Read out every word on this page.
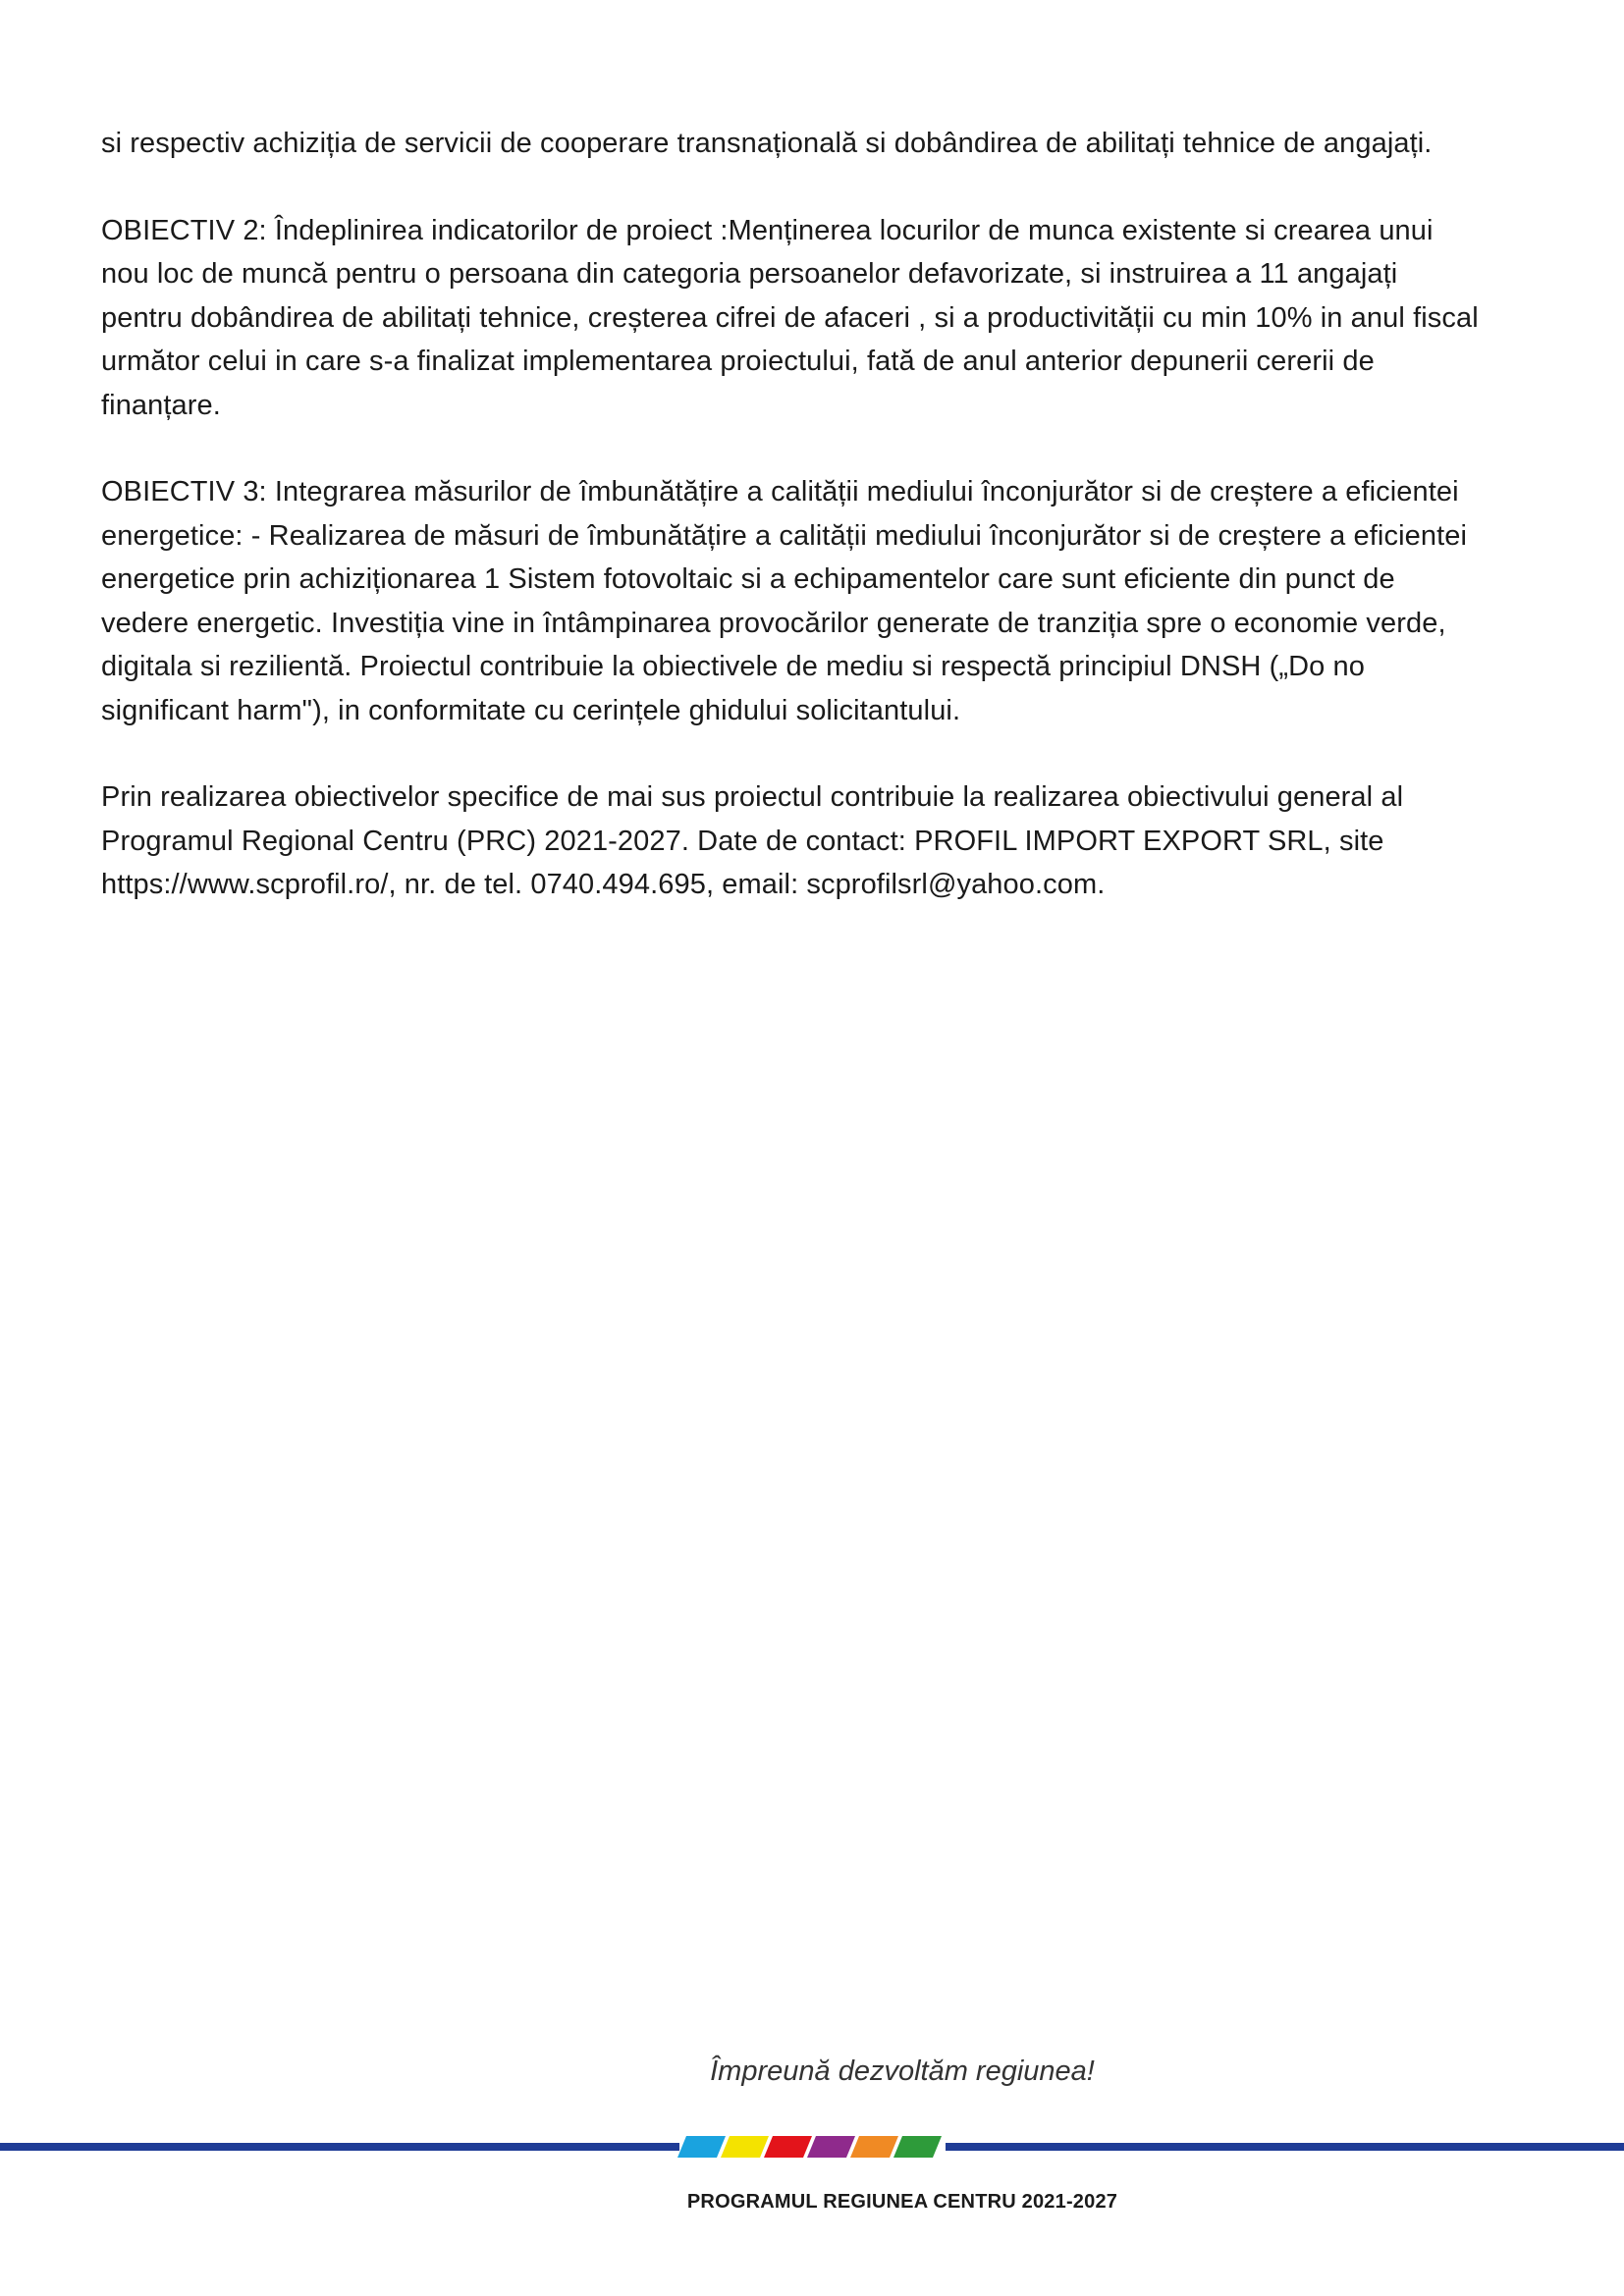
si respectiv achiziția de servicii de cooperare transnațională si dobândirea de abilitați tehnice de angajați.

OBIECTIV 2: Îndeplinirea indicatorilor de proiect :Menținerea locurilor de munca existente si crearea unui
nou loc de muncă pentru o persoana din categoria persoanelor defavorizate, si instruirea a 11 angajați
pentru dobândirea de abilitați tehnice, creșterea cifrei de afaceri , si a productivității cu min 10% in anul fiscal
următor celui in care s-a finalizat implementarea proiectului, fată de anul anterior depunerii cererii de
finanțare.

OBIECTIV 3: Integrarea măsurilor de îmbunătățire a calității mediului înconjurător si de creștere a eficientei
energetice: - Realizarea de măsuri de îmbunătățire a calității mediului înconjurător si de creștere a eficientei
energetice prin achiziționarea 1 Sistem fotovoltaic si a echipamentelor care sunt eficiente din punct de
vedere energetic. Investiția vine in întâmpinarea provocărilor generate de tranziția spre o economie verde,
digitala si rezilientă. Proiectul contribuie la obiectivele de mediu si respectă principiul DNSH („Do no
significant harm"), in conformitate cu cerințele ghidului solicitantului.

Prin realizarea obiectivelor specifice de mai sus proiectul contribuie la realizarea obiectivului general al
Programul Regional Centru (PRC) 2021-2027. Date de contact: PROFIL IMPORT EXPORT SRL, site
https://www.scprofil.ro/, nr. de tel. 0740.494.695, email: scprofilsrl@yahoo.com.

Împreună dezvoltăm regiunea!
PROGRAMUL REGIUNEA CENTRU 2021-2027
